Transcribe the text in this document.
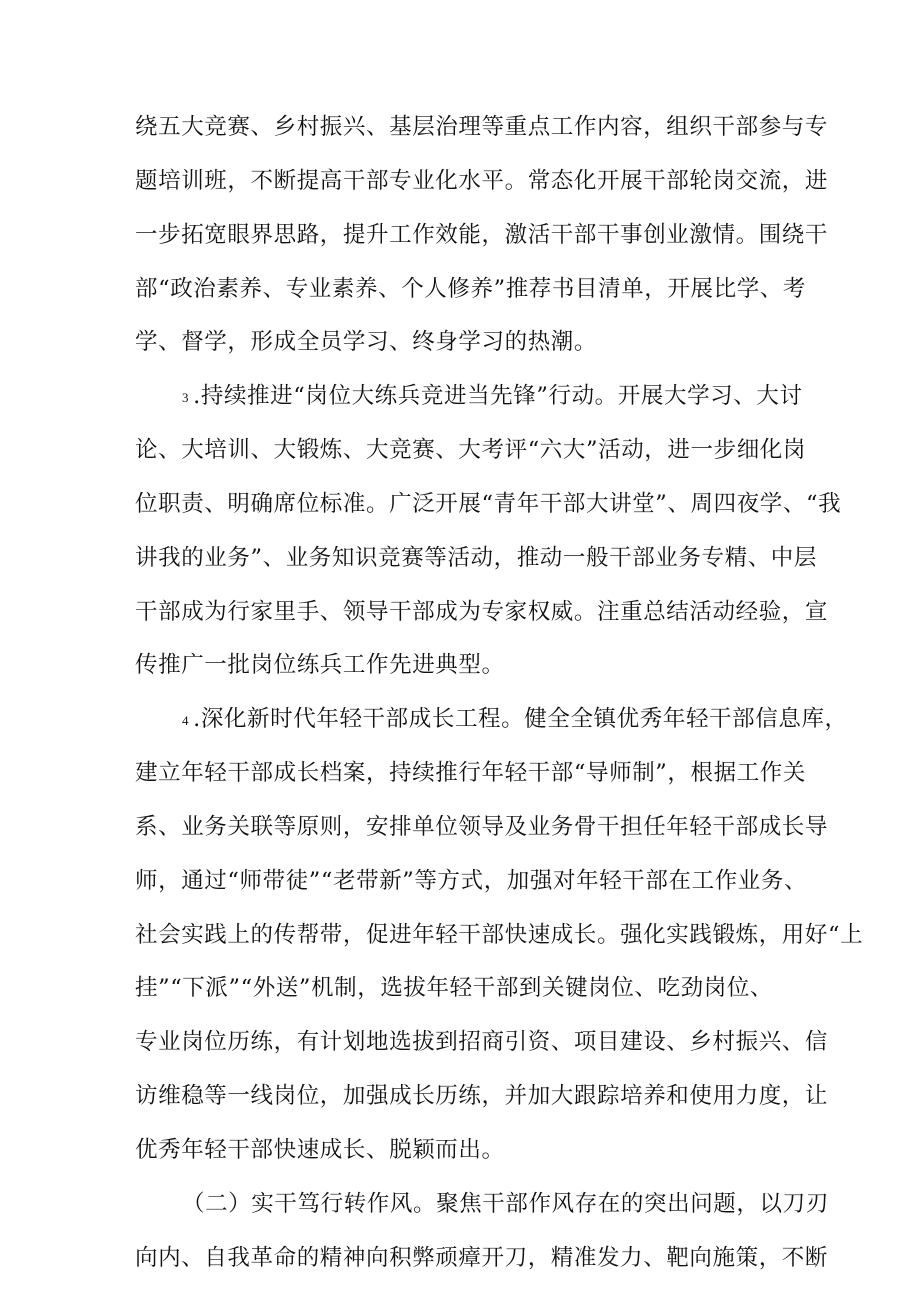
绕五大竞赛、乡村振兴、基层治理等重点工作内容，组织干部参与专
题培训班，不断提高干部专业化水平。常态化开展干部轮岗交流，进
一步拓宽眼界思路，提升工作效能，激活干部干事创业激情。围绕干
部“政治素养、专业素养、个人修养”推荐书目清单，开展比学、考
学、督学，形成全员学习、终身学习的热潮。
3 .持续推进“岗位大练兵竞进当先锋”行动。开展大学习、大讨
论、大培训、大锻炼、大竞赛、大考评“六大”活动，进一步细化岗
位职责、明确席位标准。广泛开展“青年干部大讲堂”、周四夜学、“我
讲我的业务”、业务知识竞赛等活动，推动一般干部业务专精、中层
干部成为行家里手、领导干部成为专家权威。注重总结活动经验，宣
传推广一批岗位练兵工作先进典型。
4 .深化新时代年轻干部成长工程。健全全镇优秀年轻干部信息库，
建立年轻干部成长档案，持续推行年轻干部“导师制”，根据工作关
系、业务关联等原则，安排单位领导及业务骨干担任年轻干部成长导
师，通过“师带徒”“老带新”等方式，加强对年轻干部在工作业务、
社会实践上的传帮带，促进年轻干部快速成长。强化实践锻炼，用好“上
挂”“下派”“外送”机制，选拔年轻干部到关键岗位、吃劲岗位、
专业岗位历练，有计划地选拔到招商引资、项目建设、乡村振兴、信
访维稳等一线岗位，加强成长历练，并加大跟踪培养和使用力度，让
优秀年轻干部快速成长、脱颖而出。
（二）实干笃行转作风。聚焦干部作风存在的突出问题，以刀刃
向内、自我革命的精神向积弊顽瘴开刀，精准发力、靶向施策，不断
